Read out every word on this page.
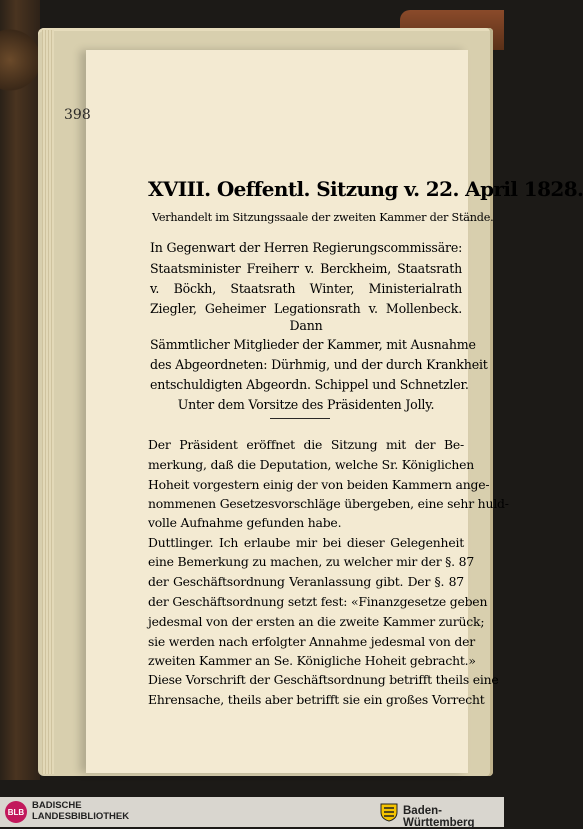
398
XVIII. Oeffentl. Sitzung v. 22. April 1828.
Verhandelt im Sitzungssaale der zweiten Kammer der Stände.
In Gegenwart der Herren Regierungscommissäre:
Staatsminister Freiherr v. Berckheim, Staatsrath
v. Böckh, Staatsrath Winter, Ministerialrath
Ziegler, Geheimer Legationsrath v. Mollenbeck.
Dann
Sämmtlicher Mitglieder der Kammer, mit Ausnahme
des Abgeordneten: Dürhmig, und der durch Krankheit
entschuldigten Abgeordn. Schippel und Schnetzler.
Unter dem Vorsitze des Präsidenten Jolly.
Der Präsident eröffnet die Sitzung mit der Be-
merkung, daß die Deputation, welche Sr. Königlichen
Hoheit vorgestern einig der von beiden Kammern ange-
nommenen Gesetzesvorschläge übergeben, eine sehr huld-
volle Aufnahme gefunden habe.
Duttlinger. Ich erlaube mir bei dieser Gelegenheit
eine Bemerkung zu machen, zu welcher mir der §. 87
der Geschäftsordnung Veranlassung gibt. Der §. 87
der Geschäftsordnung setzt fest: «Finanzgesetze geben
jedesmal von der ersten an die zweite Kammer zurück;
sie werden nach erfolgter Annahme jedesmal von der
zweiten Kammer an Se. Königliche Hoheit gebracht.»
Diese Vorschrift der Geschäftsordnung betrifft theils eine
Ehrensache, theils aber betrifft sie ein großes Vorrecht
BLB
BADISCHE
LANDESBIBLIOTHEK	Baden-Württemberg
